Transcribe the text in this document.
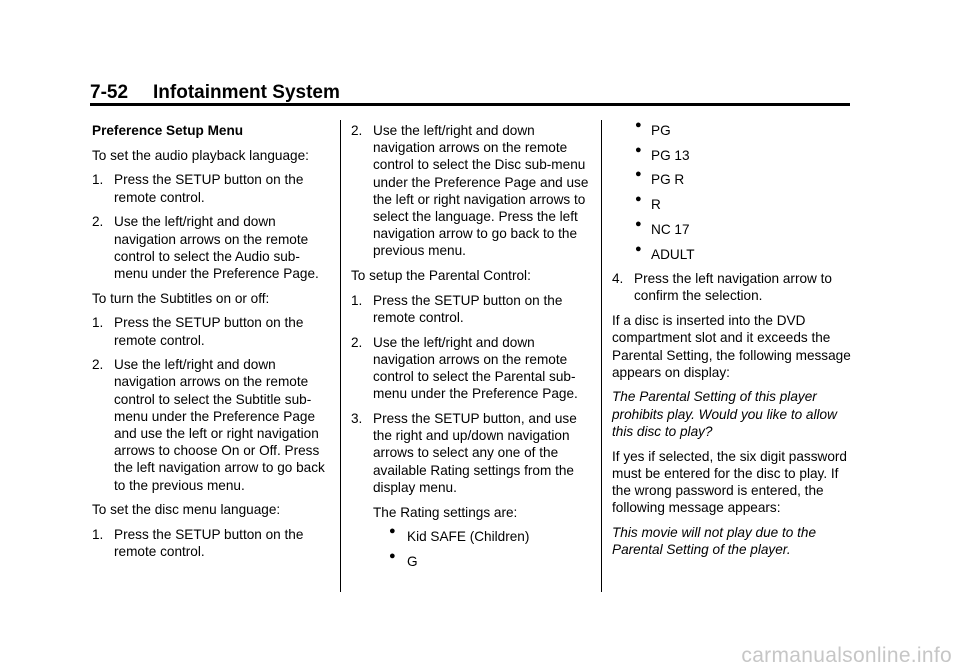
7-52 Infotainment System

Preference Setup Menu

To set the audio playback language:

1. Press the SETUP button on the remote control.
2. Use the left/right and down navigation arrows on the remote control to select the Audio sub-menu under the Preference Page.

To turn the Subtitles on or off:

1. Press the SETUP button on the remote control.
2. Use the left/right and down navigation arrows on the remote control to select the Subtitle sub-menu under the Preference Page and use the left or right navigation arrows to choose On or Off. Press the left navigation arrow to go back to the previous menu.

To set the disc menu language:

1. Press the SETUP button on the remote control.
2. Use the left/right and down navigation arrows on the remote control to select the Disc sub-menu under the Preference Page and use the left or right navigation arrows to select the language. Press the left navigation arrow to go back to the previous menu.

To setup the Parental Control:

1. Press the SETUP button on the remote control.
2. Use the left/right and down navigation arrows on the remote control to select the Parental sub-menu under the Preference Page.
3. Press the SETUP button, and use the right and up/down navigation arrows to select any one of the available Rating settings from the display menu.

The Rating settings are:

● Kid SAFE (Children)
● G
● PG
● PG 13
● PG R
● R
● NC 17
● ADULT
4. Press the left navigation arrow to confirm the selection.

If a disc is inserted into the DVD compartment slot and it exceeds the Parental Setting, the following message appears on display:

The Parental Setting of this player prohibits play. Would you like to allow this disc to play?

If yes if selected, the six digit password must be entered for the disc to play. If the wrong password is entered, the following message appears:

This movie will not play due to the Parental Setting of the player.

carmanualsonline.info
